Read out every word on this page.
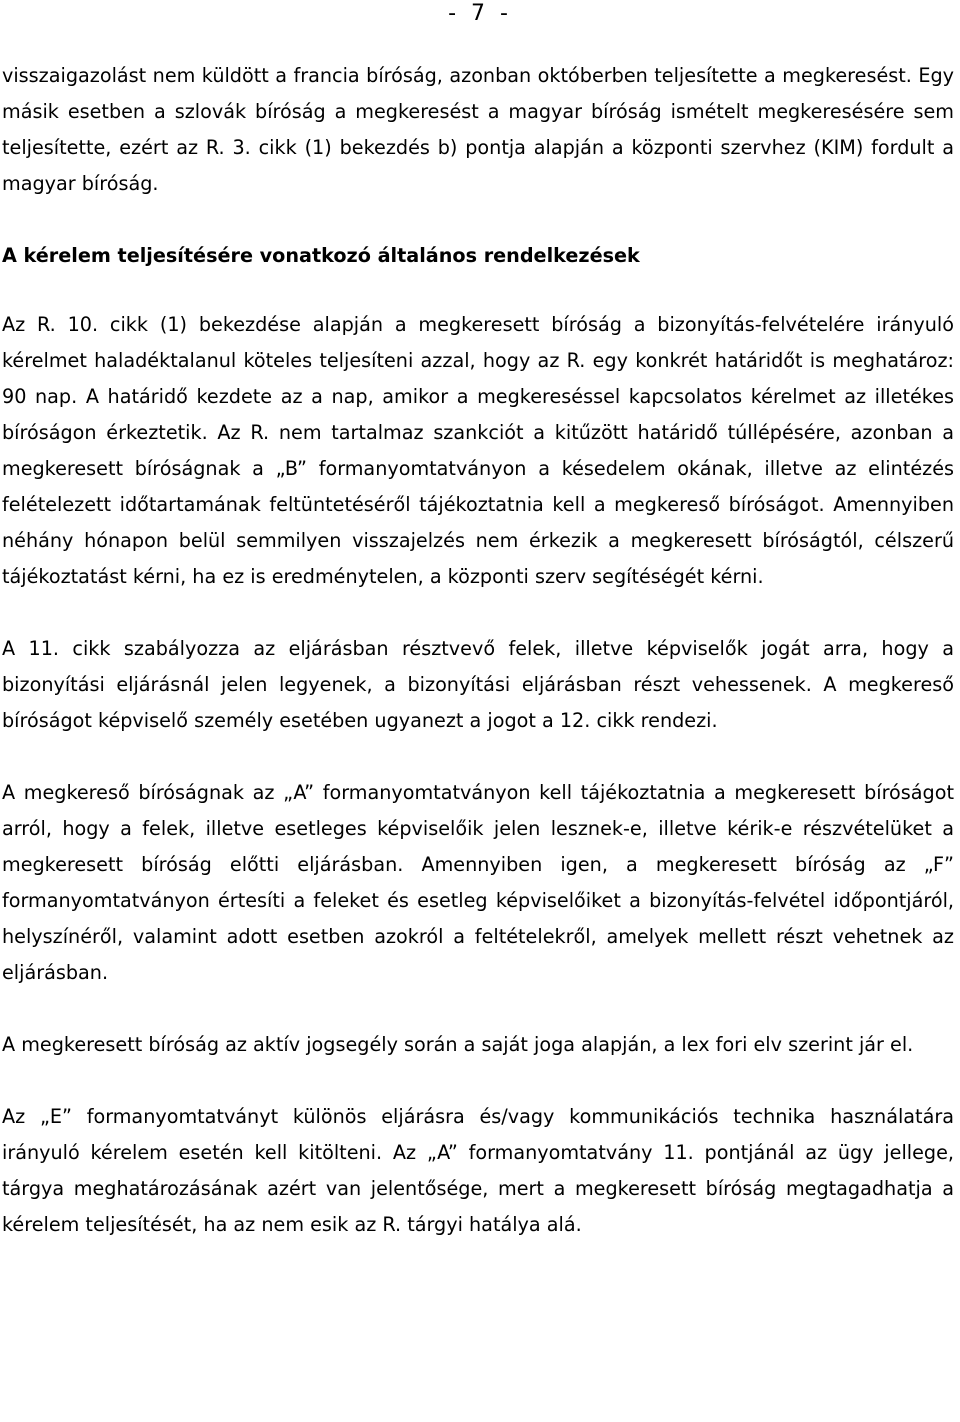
- 7 -

visszaigazolást nem küldött a francia bíróság, azonban októberben teljesítette a megkeresést. Egy másik esetben a szlovák bíróság a megkeresést a magyar bíróság ismételt megkeresésére sem teljesítette, ezért az R. 3. cikk (1) bekezdés b) pontja alapján a központi szervhez (KIM) fordult a magyar bíróság.

A kérelem teljesítésére vonatkozó általános rendelkezések

Az R. 10. cikk (1) bekezdése alapján a megkeresett bíróság a bizonyítás-felvételére irányuló kérelmet haladéktalanul köteles teljesíteni azzal, hogy az R. egy konkrét határidőt is meghatároz: 90 nap. A határidő kezdete az a nap, amikor a megkereséssel kapcsolatos kérelmet az illetékes bíróságon érkeztetik. Az R. nem tartalmaz szankciót a kitűzött határidő túllépésére, azonban a megkeresett bíróságnak a „B” formanyomtatványon a késedelem okának, illetve az elintézés felételezett időtartamának feltüntetéséről tájékoztatnia kell a megkereső bíróságot. Amennyiben néhány hónapon belül semmilyen visszajelzés nem érkezik a megkeresett bíróságtól, célszerű tájékoztatást kérni, ha ez is eredménytelen, a központi szerv segítéségét kérni.

A 11. cikk szabályozza az eljárásban résztvevő felek, illetve képviselők jogát arra, hogy a bizonyítási eljárásnál jelen legyenek, a bizonyítási eljárásban részt vehessenek. A megkereső bíróságot képviselő személy esetében ugyanezt a jogot a 12. cikk rendezi.

A megkereső bíróságnak az „A” formanyomtatványon kell tájékoztatnia a megkeresett bíróságot arról, hogy a felek, illetve esetleges képviselőik jelen lesznek-e, illetve kérik-e részvételüket a megkeresett bíróság előtti eljárásban. Amennyiben igen, a megkeresett bíróság az „F” formanyomtatványon értesíti a feleket és esetleg képviselőiket a bizonyítás-felvétel időpontjáról, helyszínéről, valamint adott esetben azokról a feltételekről, amelyek mellett részt vehetnek az eljárásban.

A megkeresett bíróság az aktív jogsegély során a saját joga alapján, a lex fori elv szerint jár el.

Az „E” formanyomtatványt különös eljárásra és/vagy kommunikációs technika használatára irányuló kérelem esetén kell kitölteni. Az „A” formanyomtatvány 11. pontjánál az ügy jellege, tárgya meghatározásának azért van jelentősége, mert a megkeresett bíróság megtagadhatja a kérelem teljesítését, ha az nem esik az R. tárgyi hatálya alá.
